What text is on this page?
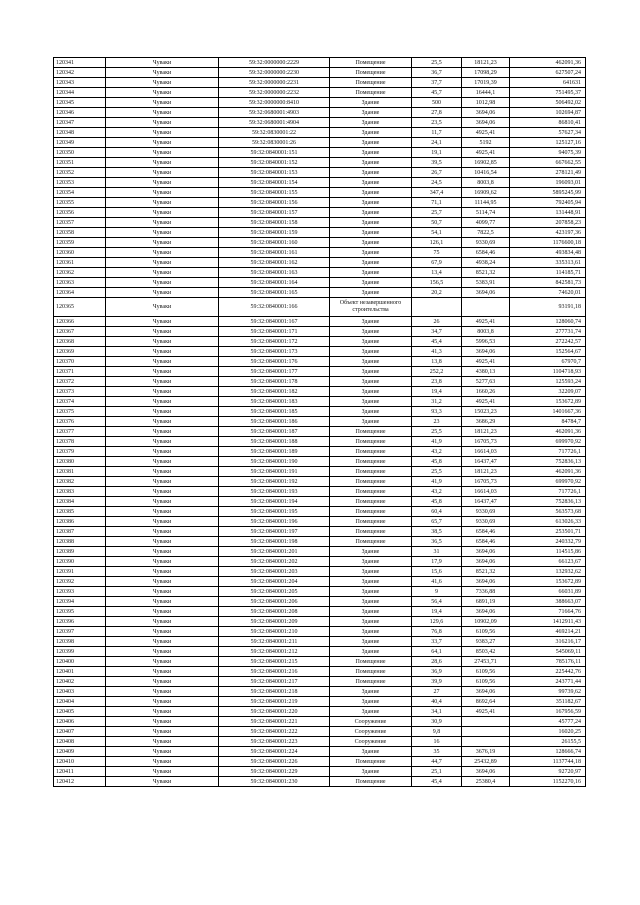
120341	Чуваки	59:32:0000000:2229	Помещение	25,5	18121,23	462091,36
120342	Чуваки	59:32:0000000:2230	Помещение	36,7	17098,29	627507,24
120343	Чуваки	59:32:0000000:2231	Помещение	37,7	17019,39	641631
120344	Чуваки	59:32:0000000:2232	Помещение	45,7	16444,1	751495,37
120345	Чуваки	59:32:0000000:8410	Здание	500	1012,98	506492,02
120346	Чуваки	59:32:0680001:4903	Здание	27,8	3694,06	102694,87
120347	Чуваки	59:32:0680001:4904	Здание	23,5	3694,06	86810,41
120348	Чуваки	59:32:0830001:22	Здание	11,7	4925,41	57627,34
120349	Чуваки	59:32:0830001:26	Здание	24,1	5192	125127,16
120350	Чуваки	59:32:0840001:151	Здание	19,1	4925,41	94075,39
120351	Чуваки	59:32:0840001:152	Здание	39,5	16902,85	667662,55
120352	Чуваки	59:32:0840001:153	Здание	26,7	10416,54	278121,49
120353	Чуваки	59:32:0840001:154	Здание	24,5	8003,8	196093,01
120354	Чуваки	59:32:0840001:155	Здание	347,4	16909,62	5895245,99
120355	Чуваки	59:32:0840001:156	Здание	71,1	11144,95	792405,94
120356	Чуваки	59:32:0840001:157	Здание	25,7	5114,74	131448,91
120357	Чуваки	59:32:0840001:158	Здание	50,7	4099,77	207858,23
120358	Чуваки	59:32:0840001:159	Здание	54,1	7822,5	423197,36
120359	Чуваки	59:32:0840001:160	Здание	126,1	9330,69	1176600,18
120360	Чуваки	59:32:0840001:161	Здание	75	6584,46	493834,48
120361	Чуваки	59:32:0840001:162	Здание	67,9	4938,24	335313,61
120362	Чуваки	59:32:0840001:163	Здание	13,4	8521,32	114185,71
120363	Чуваки	59:32:0840001:164	Здание	156,5	5383,91	842581,73
120364	Чуваки	59:32:0840001:165	Здание	20,2	3694,06	74620,01
120365	Чуваки	59:32:0840001:166	Объект незавершенного строительства			93191,18
120366	Чуваки	59:32:0840001:167	Здание	26	4925,41	128060,74
120367	Чуваки	59:32:0840001:171	Здание	34,7	8003,8	277731,74
120368	Чуваки	59:32:0840001:172	Здание	45,4	5996,53	272242,57
120369	Чуваки	59:32:0840001:173	Здание	41,3	3694,06	152564,67
120370	Чуваки	59:32:0840001:176	Здание	13,8	4925,41	67970,7
120371	Чуваки	59:32:0840001:177	Здание	252,2	4380,13	1104718,93
120372	Чуваки	59:32:0840001:178	Здание	23,8	5277,63	125593,24
120373	Чуваки	59:32:0840001:182	Здание	19,4	1660,26	32209,07
120374	Чуваки	59:32:0840001:183	Здание	31,2	4925,41	153672,89
120375	Чуваки	59:32:0840001:185	Здание	93,3	15023,23	1401667,36
120376	Чуваки	59:32:0840001:186	Здание	23	3686,29	84784,7
120377	Чуваки	59:32:0840001:187	Помещение	25,5	18121,23	462091,36
120378	Чуваки	59:32:0840001:188	Помещение	41,9	16705,73	699970,92
120379	Чуваки	59:32:0840001:189	Помещение	43,2	16614,03	717726,1
120380	Чуваки	59:32:0840001:190	Помещение	45,8	16437,47	752836,13
120381	Чуваки	59:32:0840001:191	Помещение	25,5	18121,23	462091,36
120382	Чуваки	59:32:0840001:192	Помещение	41,9	16705,73	699970,92
120383	Чуваки	59:32:0840001:193	Помещение	43,2	16614,03	717726,1
120384	Чуваки	59:32:0840001:194	Помещение	45,8	16437,47	752836,13
120385	Чуваки	59:32:0840001:195	Помещение	60,4	9330,69	563573,68
120386	Чуваки	59:32:0840001:196	Помещение	65,7	9330,69	613026,33
120387	Чуваки	59:32:0840001:197	Помещение	38,5	6584,46	253501,71
120388	Чуваки	59:32:0840001:198	Помещение	36,5	6584,46	240332,79
120389	Чуваки	59:32:0840001:201	Здание	31	3694,06	114515,86
120390	Чуваки	59:32:0840001:202	Здание	17,9	3694,06	66123,67
120391	Чуваки	59:32:0840001:203	Здание	15,6	8521,32	132932,62
120392	Чуваки	59:32:0840001:204	Здание	41,6	3694,06	153672,89
120393	Чуваки	59:32:0840001:205	Здание	9	7336,88	66031,89
120394	Чуваки	59:32:0840001:206	Здание	56,4	6891,19	388663,07
120395	Чуваки	59:32:0840001:208	Здание	19,4	3694,06	71664,76
120396	Чуваки	59:32:0840001:209	Здание	129,6	10902,09	1412911,43
120397	Чуваки	59:32:0840001:210	Здание	76,8	6109,56	469214,21
120398	Чуваки	59:32:0840001:211	Здание	33,7	9383,27	316216,17
120399	Чуваки	59:32:0840001:212	Здание	64,1	8503,42	545069,11
120400	Чуваки	59:32:0840001:215	Помещение	28,6	27453,71	785176,11
120401	Чуваки	59:32:0840001:216	Помещение	36,9	6109,56	225442,76
120402	Чуваки	59:32:0840001:217	Помещение	39,9	6109,56	243771,44
120403	Чуваки	59:32:0840001:218	Здание	27	3694,06	99739,62
120404	Чуваки	59:32:0840001:219	Здание	40,4	8692,64	351182,67
120405	Чуваки	59:32:0840001:220	Здание	34,1	4925,41	167956,59
120406	Чуваки	59:32:0840001:221	Сооружение	30,9		45777,24
120407	Чуваки	59:32:0840001:222	Сооружение	9,8		16020,25
120408	Чуваки	59:32:0840001:223	Сооружение	16		26155,5
120409	Чуваки	59:32:0840001:224	Здание	35	3676,19	128666,74
120410	Чуваки	59:32:0840001:226	Помещение	44,7	25432,89	1137744,18
120411	Чуваки	59:32:0840001:229	Здание	25,1	3694,06	92720,97
120412	Чуваки	59:32:0840001:230	Помещение	45,4	25380,4	1152270,16
